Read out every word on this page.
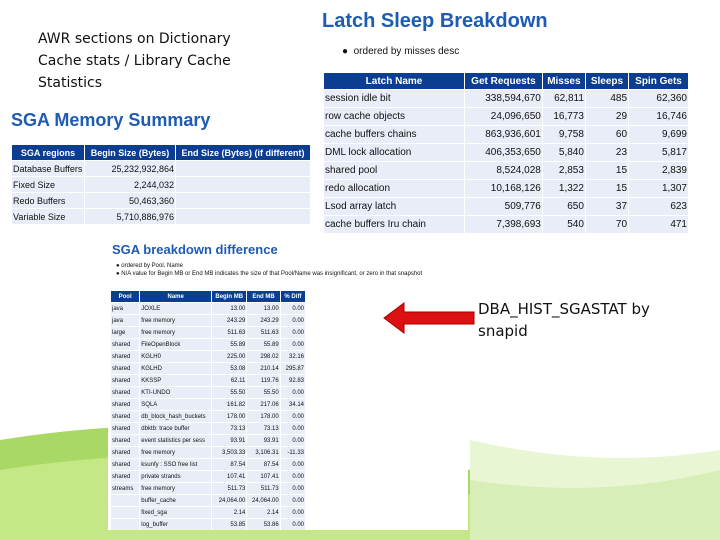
AWR sections on Dictionary
Cache stats / Library Cache
Statistics
Latch Sleep Breakdown
● ordered by misses desc
Latch Name	Get Requests	Misses	Sleeps	Spin Gets
session idle bit	338,594,670	62,811	485	62,360
row cache objects	24,096,650	16,773	29	16,746
cache buffers chains	863,936,601	9,758	60	9,699
DML lock allocation	406,353,650	5,840	23	5,817
shared pool	8,524,028	2,853	15	2,839
redo allocation	10,168,126	1,322	15	1,307
Lsod array latch	509,776	650	37	623
cache buffers Iru chain	7,398,693	540	70	471
SGA Memory Summary
SGA regions	Begin Size (Bytes)	End Size (Bytes) (if different)
Database Buffers	25,232,932,864	
Fixed Size	2,244,032	
Redo Buffers	50,463,360	
Variable Size	5,710,886,976	
SGA breakdown difference
● ordered by Pool, Name
● N/A value for Begin MB or End MB indicates the size of that Pool/Name was insignificant, or zero in that snapshot
Pool	Name	Begin MB	End MB	% Diff
java	JOXLE	13.00	13.00	0.00
java	free memory	243.29	243.29	0.00
large	free memory	511.63	511.63	0.00
shared	FileOpenBlock	55.89	55.89	0.00
shared	KGLH0	225.00	298.02	32.16
shared	KGLHD	53.08	210.14	295.87
shared	KKSSP	62.11	119.76	92.83
shared	KTI-UNDO	55.50	55.50	0.00
shared	SQLA	161.82	217.06	34.14
shared	db_block_hash_buckets	178.00	178.00	0.00
shared	dbktb: trace buffer	73.13	73.13	0.00
shared	event statistics per sess	93.91	93.91	0.00
shared	free memory	3,503.33	3,106.31	-11.33
shared	ksunfy : SSO free list	87.54	87.54	0.00
shared	private strands	107.41	107.41	0.00
streams	free memory	511.73	511.73	0.00
	buffer_cache	24,064.00	24,064.00	0.00
	fixed_sga	2.14	2.14	0.00
	log_buffer	53.85	53.86	0.00
DBA_HIST_SGASTAT by
snapid
